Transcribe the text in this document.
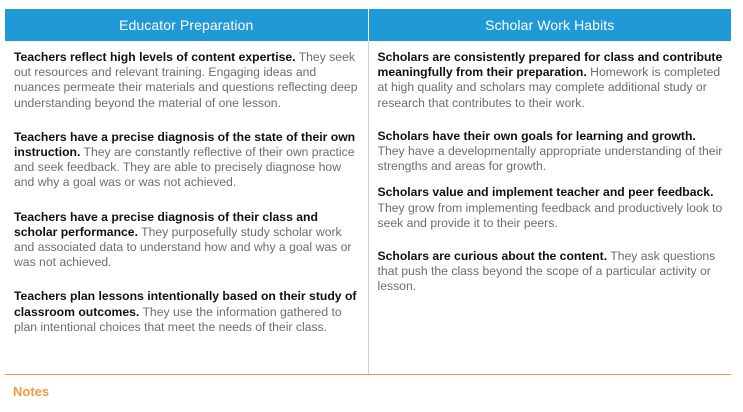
Educator Preparation	Scholar Work Habits

Teachers reflect high levels of content expertise. They seek out resources and relevant training. Engaging ideas and nuances permeate their materials and questions reflecting deep understanding beyond the material of one lesson.

Teachers have a precise diagnosis of the state of their own instruction. They are constantly reflective of their own practice and seek feedback. They are able to precisely diagnose how and why a goal was or was not achieved.

Teachers have a precise diagnosis of their class and scholar performance. They purposefully study scholar work and associated data to understand how and why a goal was or was not achieved.

Teachers plan lessons intentionally based on their study of classroom outcomes. They use the information gathered to plan intentional choices that meet the needs of their class.

Scholars are consistently prepared for class and contribute meaningfully from their preparation. Homework is completed at high quality and scholars may complete additional study or research that contributes to their work.

Scholars have their own goals for learning and growth. They have a developmentally appropriate understanding of their strengths and areas for growth.

Scholars value and implement teacher and peer feedback. They grow from implementing feedback and productively look to seek and provide it to their peers.

Scholars are curious about the content. They ask questions that push the class beyond the scope of a particular activity or lesson.

Notes
